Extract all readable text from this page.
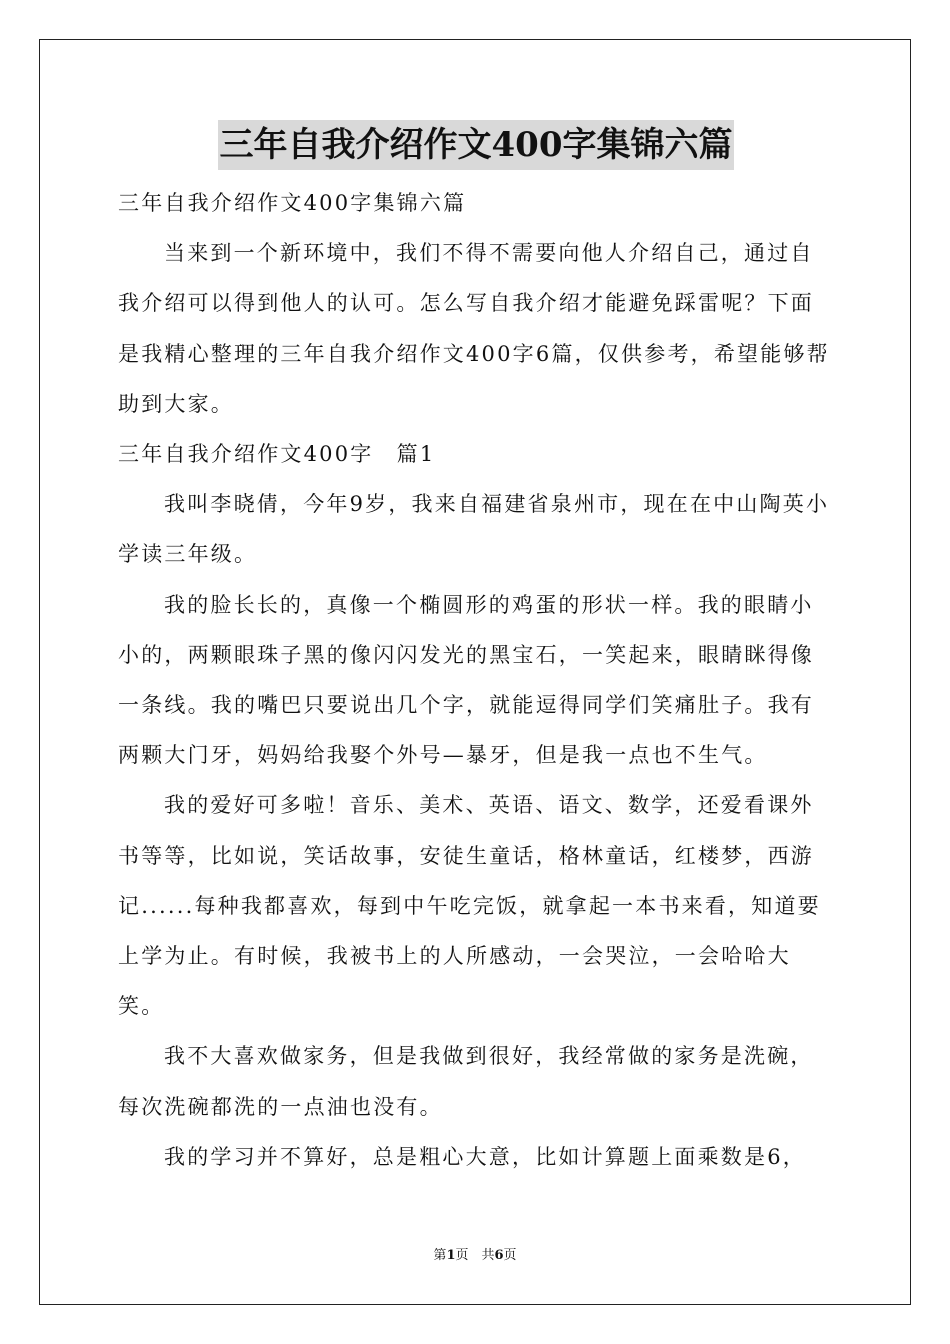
三年自我介绍作文400字集锦六篇

三年自我介绍作文400字集锦六篇

当来到一个新环境中，我们不得不需要向他人介绍自己，通过自我介绍可以得到他人的认可。怎么写自我介绍才能避免踩雷呢？下面是我精心整理的三年自我介绍作文400字6篇，仅供参考，希望能够帮助到大家。

三年自我介绍作文400字　篇1

我叫李晓倩，今年9岁，我来自福建省泉州市，现在在中山陶英小学读三年级。

我的脸长长的，真像一个椭圆形的鸡蛋的形状一样。我的眼睛小小的，两颗眼珠子黑的像闪闪发光的黑宝石，一笑起来，眼睛眯得像一条线。我的嘴巴只要说出几个字，就能逗得同学们笑痛肚子。我有两颗大门牙，妈妈给我娶个外号—暴牙，但是我一点也不生气。

我的爱好可多啦！音乐、美术、英语、语文、数学，还爱看课外书等等，比如说，笑话故事，安徒生童话，格林童话，红楼梦，西游记......每种我都喜欢，每到中午吃完饭，就拿起一本书来看，知道要上学为止。有时候，我被书上的人所感动，一会哭泣，一会哈哈大笑。

我不大喜欢做家务，但是我做到很好，我经常做的家务是洗碗，每次洗碗都洗的一点油也没有。

我的学习并不算好，总是粗心大意，比如计算题上面乘数是6，

第1页　共6页
